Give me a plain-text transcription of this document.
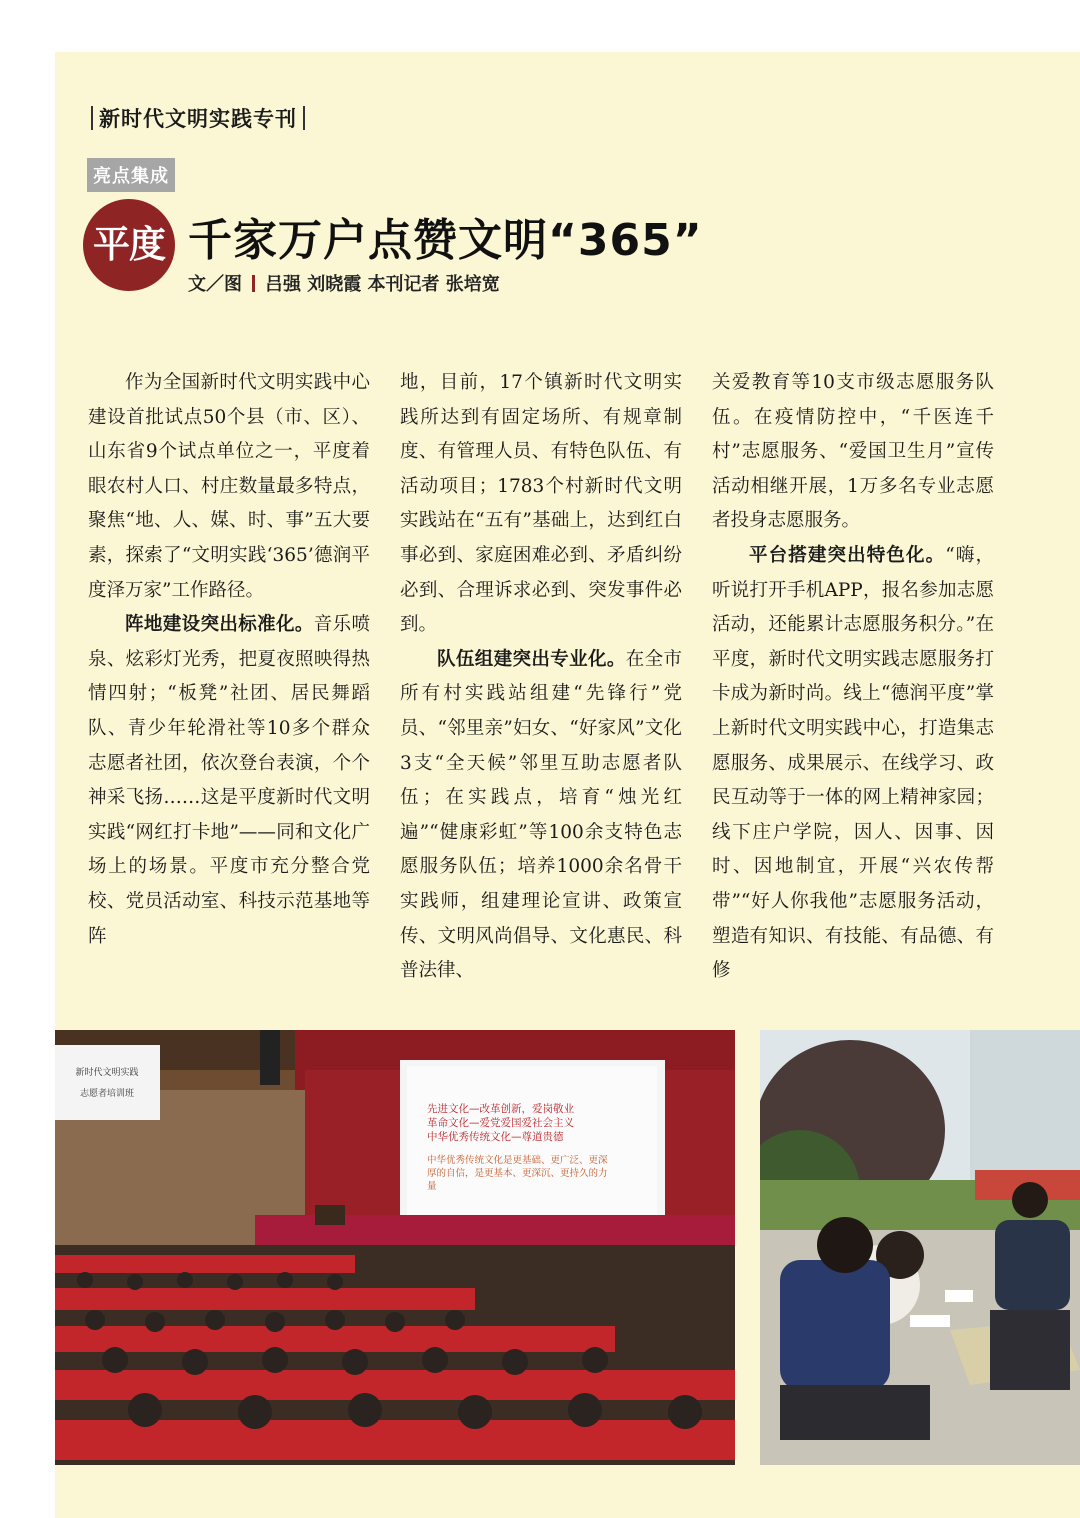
新时代文明实践专刊
亮点集成
平度 千家万户点赞文明“365”
文／图 吕强 刘晓霞 本刊记者 张培宽

作为全国新时代文明实践中心建设首批试点50个县（市、区）、山东省9个试点单位之一，平度着眼农村人口、村庄数量最多特点，聚焦“地、人、媒、时、事”五大要素，探索了“文明实践‘365’德润平度泽万家”工作路径。

阵地建设突出标准化。音乐喷泉、炫彩灯光秀，把夏夜照映得热情四射；“板凳”社团、居民舞蹈队、青少年轮滑社等10多个群众志愿者社团，依次登台表演，个个神采飞扬……这是平度新时代文明实践“网红打卡地”——同和文化广场上的场景。平度市充分整合党校、党员活动室、科技示范基地等阵

地，目前，17个镇新时代文明实践所达到有固定场所、有规章制度、有管理人员、有特色队伍、有活动项目；1783个村新时代文明实践站在“五有”基础上，达到红白事必到、家庭困难必到、矛盾纠纷必到、合理诉求必到、突发事件必到。

队伍组建突出专业化。在全市所有村实践站组建“先锋行”党员、“邻里亲”妇女、“好家风”文化3支“全天候”邻里互助志愿者队伍；在实践点，培育“烛光红遍”“健康彩虹”等100余支特色志愿服务队伍；培养1000余名骨干实践师，组建理论宣讲、政策宣传、文明风尚倡导、文化惠民、科普法律、

关爱教育等10支市级志愿服务队伍。在疫情防控中，“千医连千村”志愿服务、“爱国卫生月”宣传活动相继开展，1万多名专业志愿者投身志愿服务。

平台搭建突出特色化。“嗨，听说打开手机APP，报名参加志愿活动，还能累计志愿服务积分。”在平度，新时代文明实践志愿服务打卡成为新时尚。线上“德润平度”掌上新时代文明实践中心，打造集志愿服务、成果展示、在线学习、政民互动等于一体的网上精神家园；线下庄户学院，因人、因事、因时、因地制宜，开展“兴农传帮带”“好人你我他”志愿服务活动，塑造有知识、有技能、有品德、有修

新时代文明实践
志愿者培训班
先进文化—改革创新，爱岗敬业
革命文化—爱党爱国爱社会主义
中华优秀传统文化—尊道贵德
中华优秀传统文化是更基础、更广泛、更深厚的自信，是更基本、更深沉、更持久的力量
